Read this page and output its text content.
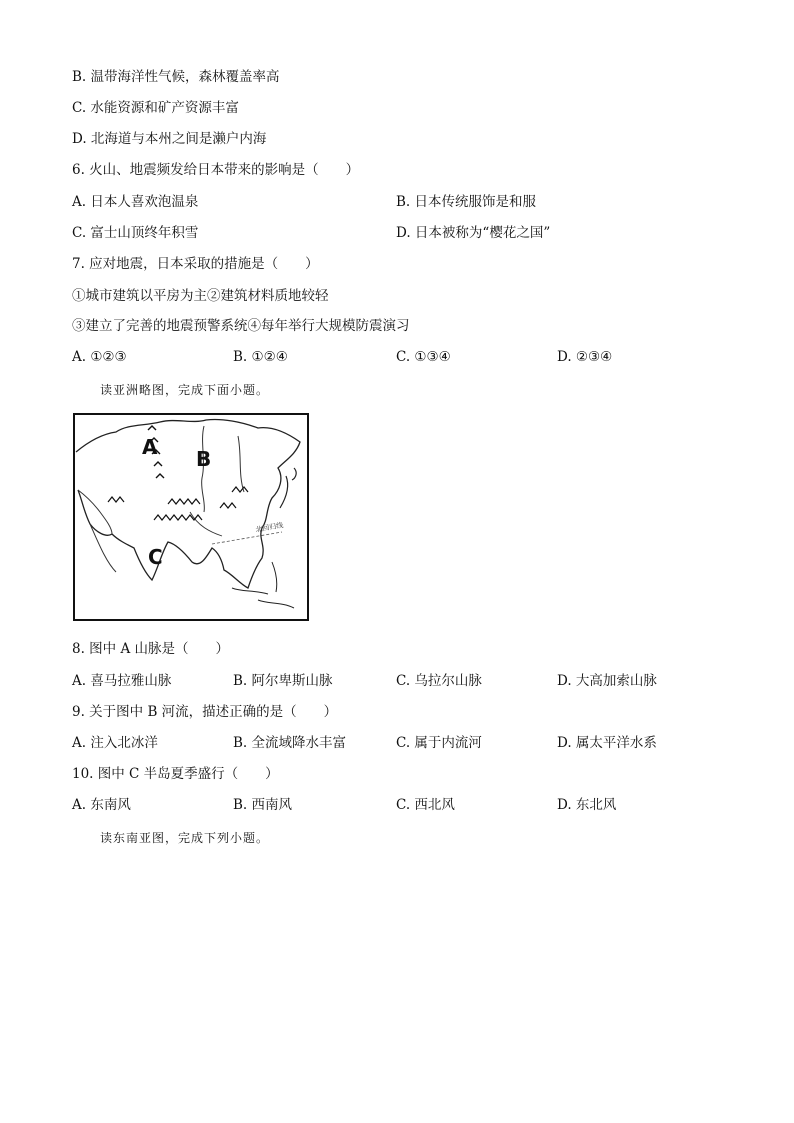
B. 温带海洋性气候，森林覆盖率高
C. 水能资源和矿产资源丰富
D. 北海道与本州之间是濑户内海
6. 火山、地震频发给日本带来的影响是（　　）
A. 日本人喜欢泡温泉	B. 日本传统服饰是和服
C. 富士山顶终年积雪	D. 日本被称为“樱花之国”
7. 应对地震，日本采取的措施是（　　）
①城市建筑以平房为主②建筑材料质地较轻
③建立了完善的地震预警系统④每年举行大规模防震演习
A. ①②③	B. ①②④	C. ①③④	D. ②③④
读亚洲略图，完成下面小题。
北回归线
A B
C
8. 图中 A 山脉是（　　）
A. 喜马拉雅山脉	B. 阿尔卑斯山脉	C. 乌拉尔山脉	D. 大高加索山脉
9. 关于图中 B 河流，描述正确的是（　　）
A. 注入北冰洋	B. 全流域降水丰富	C. 属于内流河	D. 属太平洋水系
10. 图中 C 半岛夏季盛行（　　）
A. 东南风	B. 西南风	C. 西北风	D. 东北风
读东南亚图，完成下列小题。
